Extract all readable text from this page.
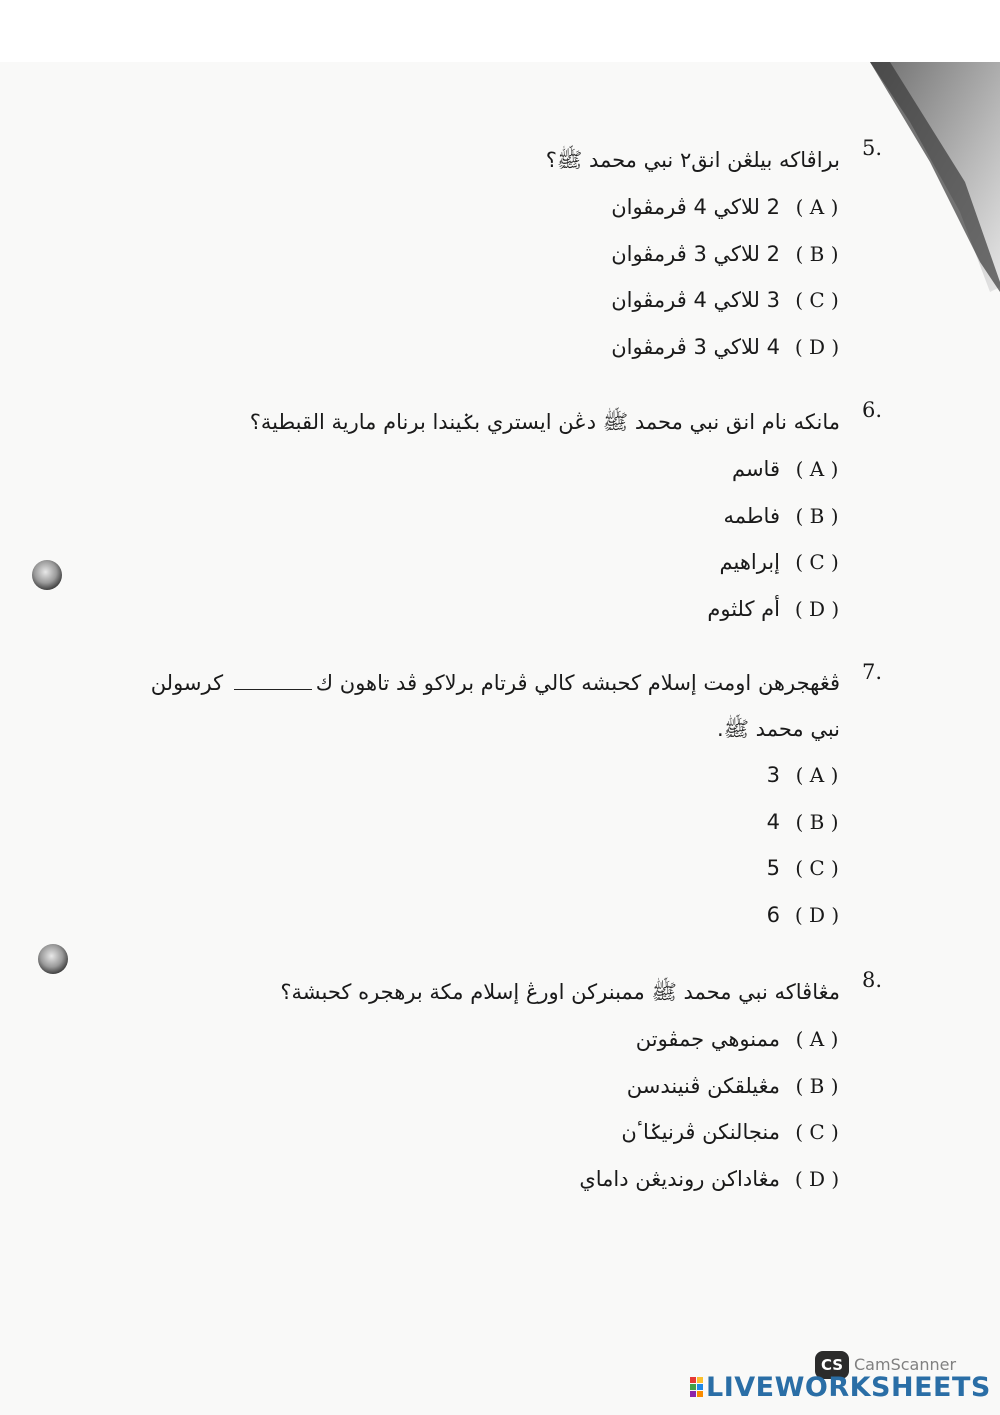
5.
براڤاكه بيلڠن انق٢ نبي محمد ﷺ؟
( A )
2 للاكي 4 ڤرمڤوان
( B )
2 للاكي 3 ڤرمڤوان
( C )
3 للاكي 4 ڤرمڤوان
( D )
4 للاكي 3 ڤرمڤوان
6.
مانكه نام انق نبي محمد ﷺ دڠن ايستري بݢيندا برنام مارية القبطية؟
( A )
قاسم
( B )
فاطمه
( C )
إبراهيم
( D )
أم كلثوم
7.
ڤڠهجرهن اومت إسلام كحبشه كالي ڤرتام برلاكو ڤد تاهون ك كرسولن نبي محمد ﷺ.
( A )
3
( B )
4
( C )
5
( D )
6
8.
مڠاڤاكه نبي محمد ﷺ ممبنركن اورڠ إسلام مكة برهجره كحبشة؟
( A )
ممنوهي جمڤوتن
( B )
مڠيلقكن ڤنيندسن
( C )
منجالنكن ڤرنيݢاٴن
( D )
مڠاداكن رونديڠن داماي
CS CamScanner
LIVEWORKSHEETS
